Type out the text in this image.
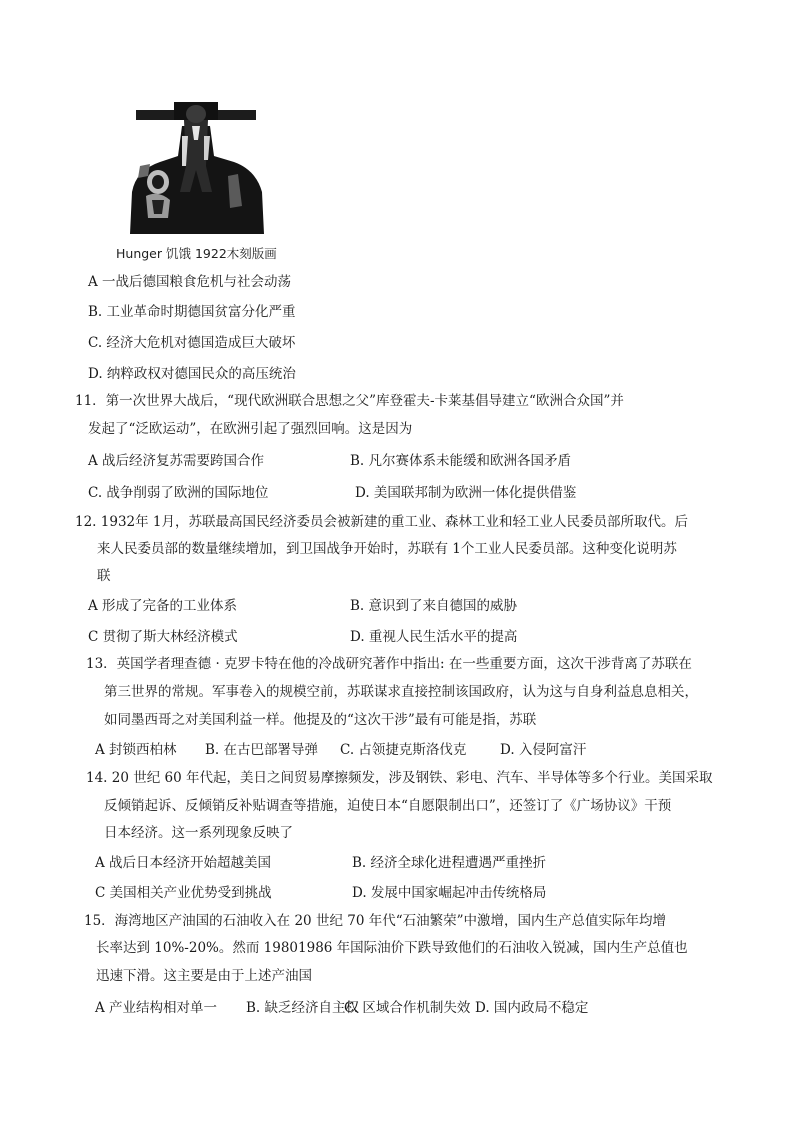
Hunger 饥饿 1922木刻版画
A 一战后德国粮食危机与社会动荡
B. 工业革命时期德国贫富分化严重
C. 经济大危机对德国造成巨大破坏
D. 纳粹政权对德国民众的高压统治
11．第一次世界大战后，“现代欧洲联合思想之父”库登霍夫-卡莱基倡导建立“欧洲合众国”并
发起了“泛欧运动”，在欧洲引起了强烈回响。这是因为
A 战后经济复苏需要跨国合作	B. 凡尔赛体系未能缓和欧洲各国矛盾
C. 战争削弱了欧洲的国际地位	D. 美国联邦制为欧洲一体化提供借鉴
12. 1932年 1月，苏联最高国民经济委员会被新建的重工业、森林工业和轻工业人民委员部所取代。后
来人民委员部的数量继续增加，到卫国战争开始时，苏联有 1个工业人民委员部。这种变化说明苏
联
A 形成了完备的工业体系	B. 意识到了来自德国的威胁
C 贯彻了斯大林经济模式	D. 重视人民生活水平的提高
13．英国学者理查德 · 克罗卡特在他的冷战研究著作中指出: 在一些重要方面，这次干涉背离了苏联在
第三世界的常规。军事卷入的规模空前，苏联谋求直接控制该国政府，认为这与自身利益息息相关，
如同墨西哥之对美国利益一样。他提及的“这次干涉”最有可能是指，苏联
A 封锁西柏林 B. 在古巴部署导弹 C. 占领捷克斯洛伐克 D. 入侵阿富汗
14. 20 世纪 60 年代起，美日之间贸易摩擦频发，涉及钢铁、彩电、汽车、半导体等多个行业。美国采取
反倾销起诉、反倾销反补贴调查等措施，迫使日本“自愿限制出口”，还签订了《广场协议》干预
日本经济。这一系列现象反映了
A 战后日本经济开始超越美国	B. 经济全球化进程遭遇严重挫折
C 美国相关产业优势受到挑战	D. 发展中国家崛起冲击传统格局
15．海湾地区产油国的石油收入在 20 世纪 70 年代“石油繁荣”中激增，国内生产总值实际年均增
长率达到 10%-20%。然而 19801986 年国际油价下跌导致他们的石油收入锐减，国内生产总值也
迅速下滑。这主要是由于上述产油国
A 产业结构相对单一 B. 缺乏经济自主权
C. 区域合作机制失效 D. 国内政局不稳定
